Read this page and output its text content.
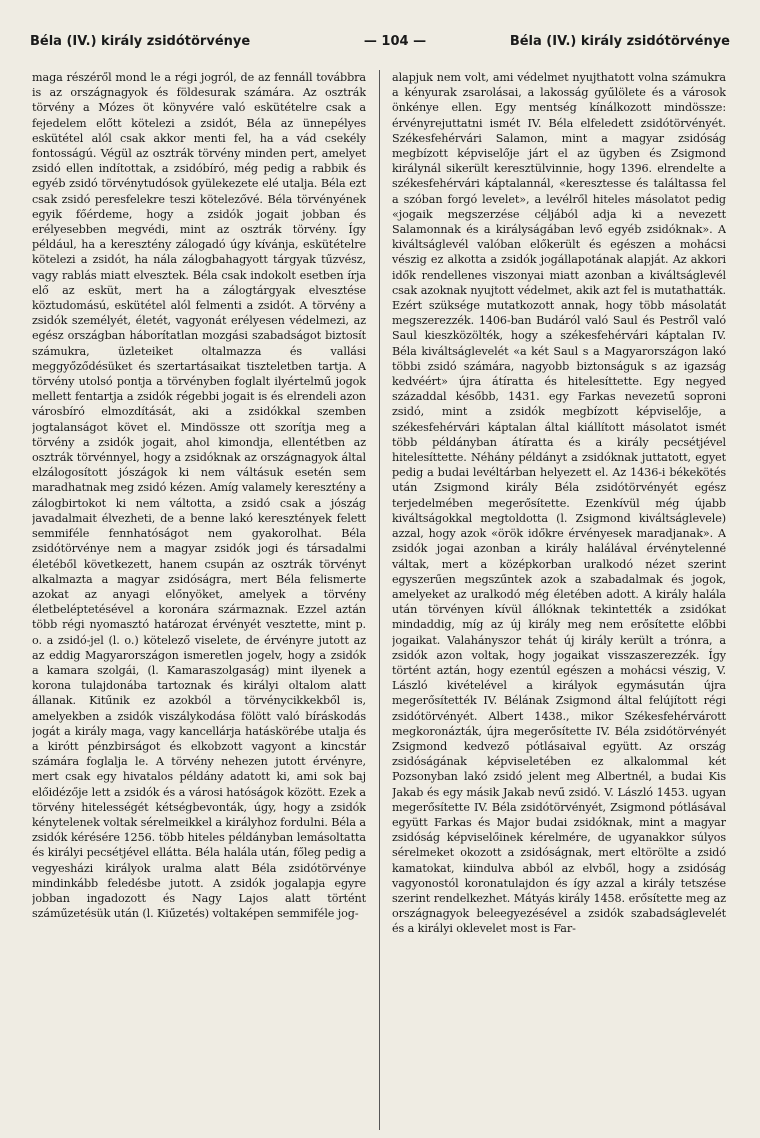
Béla (IV.) király zsidótörvénye	— 104 —	Béla (IV.) király zsidótörvénye

maga részéről mond le a régi jogról, de az fennáll továbbra is az országnagyok és földesurak számára. Az osztrák törvény a Mózes öt könyvére való eskütételre csak a fejedelem előtt kötelezi a zsidót, Béla az ünnepélyes eskütétel alól csak akkor menti fel, ha a vád csekély fontosságú. Végül az osztrák törvény minden pert, amelyet zsidó ellen indítottak, a zsidóbíró, még pedig a rabbik és egyéb zsidó törvénytudósok gyülekezete elé utalja. Béla ezt csak zsidó peresfelekre teszi kötelezővé. Béla törvényének egyik főérdeme, hogy a zsidók jogait jobban és erélyesebben megvédi, mint az osztrák törvény. Így például, ha a keresztény zálogadó úgy kívánja, eskütételre kötelezi a zsidót, ha nála zálogbahagyott tárgyak tűzvész, vagy rablás miatt elvesztek. Béla csak indokolt esetben írja elő az esküt, mert ha a zálogtárgyak elvesztése köztudomású, eskütétel alól felmenti a zsidót. A törvény a zsidók személyét, életét, vagyonát erélyesen védelmezi, az egész országban háborítatlan mozgási szabadságot biztosít számukra, üzleteiket oltalmazza és vallási meggyőződésüket és szertartásaikat tiszteletben tartja. A törvény utolsó pontja a törvényben foglalt ilyértelmű jogok mellett fentartja a zsidók régebbi jogait is és elrendeli azon városbíró elmozdítását, aki a zsidókkal szemben jogtalanságot követ el. Mindössze ott szorítja meg a törvény a zsidók jogait, ahol kimondja, ellentétben az osztrák törvénnyel, hogy a zsidóknak az országnagyok által elzálogosított jószágok ki nem váltásuk esetén sem maradhatnak meg zsidó kézen. Amíg valamely keresztény a zálogbirtokot ki nem váltotta, a zsidó csak a jószág javadalmait élvezheti, de a benne lakó keresztények felett semmiféle fennhatóságot nem gyakorolhat. Béla zsidótörvénye nem a magyar zsidók jogi és társadalmi életéből következett, hanem csupán az osztrák törvényt alkalmazta a magyar zsidóságra, mert Béla felismerte azokat az anyagi előnyöket, amelyek a törvény életbeléptetésével a koronára származnak. Ezzel aztán több régi nyomasztó határozat érvényét vesztette, mint p. o. a zsidó-jel (l. o.) kötelező viselete, de érvényre jutott az az eddig Magyarországon ismeretlen jogelv, hogy a zsidók a kamara szolgái, (l. Kamaraszolgaság) mint ilyenek a korona tulajdonába tartoznak és királyi oltalom alatt állanak. Kitűnik ez azokból a törvénycikkekből is, amelyekben a zsidók viszálykodása fölött való bíráskodás jogát a király maga, vagy kancellárja hatáskörébe utalja és a kirótt pénzbirságot és elkobzott vagyont a kincstár számára foglalja le. A törvény nehezen jutott érvényre, mert csak egy hivatalos példány adatott ki, ami sok baj előidézője lett a zsidók és a városi hatóságok között. Ezek a törvény hitelességét kétségbevonták, úgy, hogy a zsidók kénytelenek voltak sérelmeikkel a királyhoz fordulni. Béla a zsidók kérésére 1256. több hiteles példányban lemásoltatta és királyi pecsétjével ellátta. Béla halála után, főleg pedig a vegyesházi királyok uralma alatt Béla zsidótörvénye mindinkább feledésbe jutott. A zsidók jogalapja egyre jobban ingadozott és Nagy Lajos alatt történt száműzetésük után (l. Kiűzetés) voltaképen semmiféle jog-

alapjuk nem volt, ami védelmet nyujthatott volna számukra a kényurak zsarolásai, a lakosság gyűlölete és a városok önkénye ellen. Egy mentség kínálkozott mindössze: érvényrejuttatni ismét IV. Béla elfeledett zsidótörvényét. Székesfehérvári Salamon, mint a magyar zsidóság megbízott képviselője járt el az ügyben és Zsigmond királynál sikerült keresztülvinnie, hogy 1396. elrendelte a székesfehérvári káptalannál, «keresztesse és találtassa fel a szóban forgó levelet», a levélről hiteles másolatot pedig «jogaik megszerzése céljából adja ki a nevezett Salamonnak és a királyságában levő egyéb zsidóknak». A kiváltságlevél valóban előkerült és egészen a mohácsi vészig ez alkotta a zsidók jogállapotának alapját. Az akkori idők rendellenes viszonyai miatt azonban a kiváltságlevél csak azoknak nyujtott védelmet, akik azt fel is mutathatták. Ezért szüksége mutatkozott annak, hogy több másolatát megszerezzék. 1406-ban Budáról való Saul és Pestről való Saul kieszközölték, hogy a székesfehérvári káptalan IV. Béla kiváltságlevelét «a két Saul s a Magyarországon lakó többi zsidó számára, nagyobb biztonságuk s az igazság kedvéért» újra átíratta és hitelesíttette. Egy negyed századdal később, 1431. egy Farkas nevezetű soproni zsidó, mint a zsidók megbízott képviselője, a székesfehérvári káptalan által kiállított másolatot ismét több példányban átíratta és a király pecsétjével hitelesíttette. Néhány példányt a zsidóknak juttatott, egyet pedig a budai levéltárban helyezett el. Az 1436-i békekötés után Zsigmond király Béla zsidótörvényét egész terjedelmében megerősítette. Ezenkívül még újabb kiváltságokkal megtoldotta (l. Zsigmond kiváltságlevele) azzal, hogy azok «örök időkre érvényesek maradjanak». A zsidók jogai azonban a király halálával érvénytelenné váltak, mert a középkorban uralkodó nézet szerint egyszerűen megszűntek azok a szabadalmak és jogok, amelyeket az uralkodó még életében adott. A király halála után törvényen kívül állóknak tekintették a zsidókat mindaddig, míg az új király meg nem erősítette előbbi jogaikat. Valahányszor tehát új király került a trónra, a zsidók azon voltak, hogy jogaikat visszaszerezzék. Így történt aztán, hogy ezentúl egészen a mohácsi vészig, V. László kivételével a királyok egymásután újra megerősítették IV. Bélának Zsigmond által felújított régi zsidótörvényét. Albert 1438., mikor Székesfehérvárott megkoronázták, újra megerősítette IV. Béla zsidótörvényét Zsigmond kedvező pótlásaival együtt. Az ország zsidóságának képviseletében ez alkalommal két Pozsonyban lakó zsidó jelent meg Albertnél, a budai Kis Jakab és egy másik Jakab nevű zsidó. V. László 1453. ugyan megerősítette IV. Béla zsidótörvényét, Zsigmond pótlásával együtt Farkas és Major budai zsidóknak, mint a magyar zsidóság képviselőinek kérelmére, de ugyanakkor súlyos sérelmeket okozott a zsidóságnak, mert eltörölte a zsidó kamatokat, kiindulva abból az elvből, hogy a zsidóság vagyonostól koronatulajdon és így azzal a király tetszése szerint rendelkezhet. Mátyás király 1458. erősítette meg az országnagyok beleegyezésével a zsidók szabadságlevelét és a királyi oklevelet most is Far-
